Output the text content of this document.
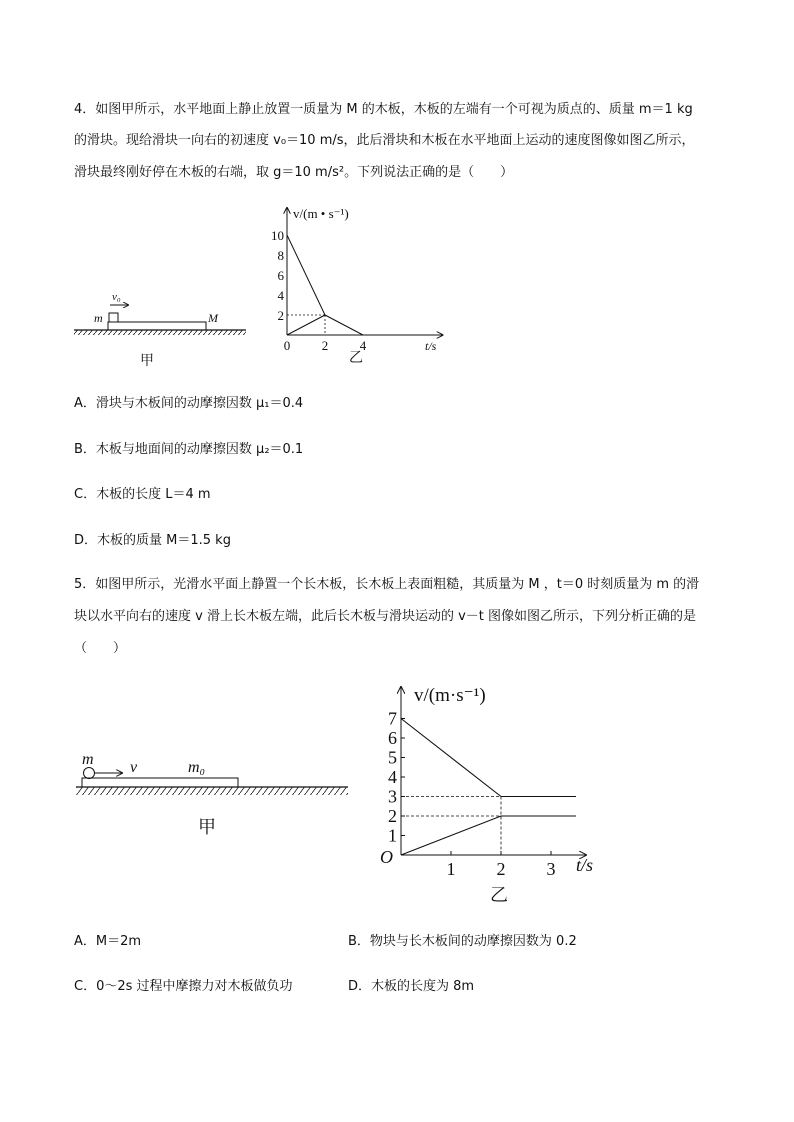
4．如图甲所示，水平地面上静止放置一质量为 M 的木板，木板的左端有一个可视为质点的、质量 m＝1 kg
的滑块。现给滑块一向右的初速度 v₀＝10 m/s，此后滑块和木板在水平地面上运动的速度图像如图乙所示，
滑块最终刚好停在木板的右端，取 g＝10 m/s²。下列说法正确的是（　　）
v₀
m	M
甲
10
8
6
4
2
0 2 4
v/(m • s⁻¹)
t/s
乙
A．滑块与木板间的动摩擦因数 μ₁＝0.4
B．木板与地面间的动摩擦因数 μ₂＝0.1
C．木板的长度 L＝4 m
D．木板的质量 M＝1.5 kg
5．如图甲所示，光滑水平面上静置一个长木板，长木板上表面粗糙，其质量为 M ，t＝0 时刻质量为 m 的滑
块以水平向右的速度 v 滑上长木板左端，此后长木板与滑块运动的 v－t 图像如图乙所示，下列分析正确的是
（　　）
m v	m₀
甲
7
6
5
4
3
2
1
1 2 3
O
v/(m·s⁻¹)
t/s
乙
A．M＝2m	B．物块与长木板间的动摩擦因数为 0.2
C．0～2s 过程中摩擦力对木板做负功	D．木板的长度为 8m
